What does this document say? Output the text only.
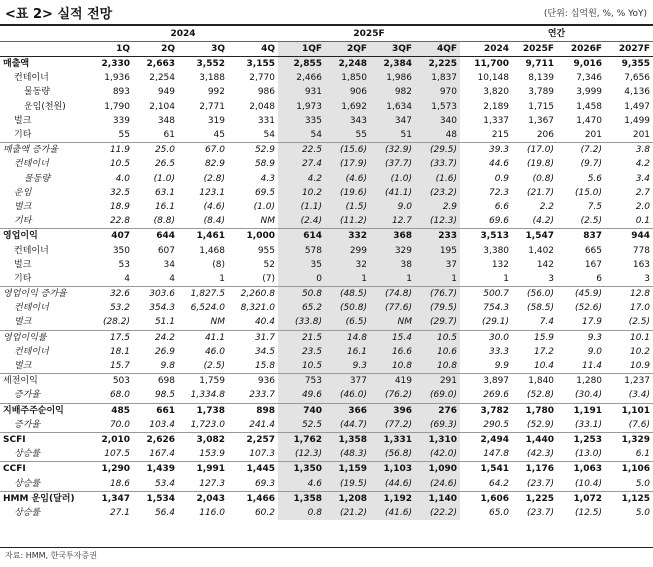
<표 2> 실적 전망	(단위: 십억원, %, % YoY)
	2024				2025F				연간			
	1Q	2Q	3Q	4Q	1QF	2QF	3QF	4QF	2024	2025F	2026F	2027F
매출액	2,330	2,663	3,552	3,155	2,855	2,248	2,384	2,225	11,700	9,711	9,016	9,355
컨테이너	1,936	2,254	3,188	2,770	2,466	1,850	1,986	1,837	10,148	8,139	7,346	7,656
물동량	893	949	992	986	931	906	982	970	3,820	3,789	3,999	4,136
운임(천원)	1,790	2,104	2,771	2,048	1,973	1,692	1,634	1,573	2,189	1,715	1,458	1,497
벌크	339	348	319	331	335	343	347	340	1,337	1,367	1,470	1,499
기타	55	61	45	54	54	55	51	48	215	206	201	201
매출액 증가율	11.9	25.0	67.0	52.9	22.5	(15.6)	(32.9)	(29.5)	39.3	(17.0)	(7.2)	3.8
컨테이너	10.5	26.5	82.9	58.9	27.4	(17.9)	(37.7)	(33.7)	44.6	(19.8)	(9.7)	4.2
물동량	4.0	(1.0)	(2.8)	4.3	4.2	(4.6)	(1.0)	(1.6)	0.9	(0.8)	5.6	3.4
운임	32.5	63.1	123.1	69.5	10.2	(19.6)	(41.1)	(23.2)	72.3	(21.7)	(15.0)	2.7
벌크	18.9	16.1	(4.6)	(1.0)	(1.1)	(1.5)	9.0	2.9	6.6	2.2	7.5	2.0
기타	22.8	(8.8)	(8.4)	NM	(2.4)	(11.2)	12.7	(12.3)	69.6	(4.2)	(2.5)	0.1
영업이익	407	644	1,461	1,000	614	332	368	233	3,513	1,547	837	944
컨테이너	350	607	1,468	955	578	299	329	195	3,380	1,402	665	778
벌크	53	34	(8)	52	35	32	38	37	132	142	167	163
기타	4	4	1	(7)	0	1	1	1	1	3	6	3
영업이익 증가율	32.6	303.6	1,827.5	2,260.8	50.8	(48.5)	(74.8)	(76.7)	500.7	(56.0)	(45.9)	12.8
컨테이너	53.2	354.3	6,524.0	8,321.0	65.2	(50.8)	(77.6)	(79.5)	754.3	(58.5)	(52.6)	17.0
벌크	(28.2)	51.1	NM	40.4	(33.8)	(6.5)	NM	(29.7)	(29.1)	7.4	17.9	(2.5)
영업이익률	17.5	24.2	41.1	31.7	21.5	14.8	15.4	10.5	30.0	15.9	9.3	10.1
컨테이너	18.1	26.9	46.0	34.5	23.5	16.1	16.6	10.6	33.3	17.2	9.0	10.2
벌크	15.7	9.8	(2.5)	15.8	10.5	9.3	10.8	10.8	9.9	10.4	11.4	10.9
세전이익	503	698	1,759	936	753	377	419	291	3,897	1,840	1,280	1,237
증가율	68.0	98.5	1,334.8	233.7	49.6	(46.0)	(76.2)	(69.0)	269.6	(52.8)	(30.4)	(3.4)
지배주주순이익	485	661	1,738	898	740	366	396	276	3,782	1,780	1,191	1,101
증가율	70.0	103.4	1,723.0	241.4	52.5	(44.7)	(77.2)	(69.3)	290.5	(52.9)	(33.1)	(7.6)
SCFI	2,010	2,626	3,082	2,257	1,762	1,358	1,331	1,310	2,494	1,440	1,253	1,329
상승률	107.5	167.4	153.9	107.3	(12.3)	(48.3)	(56.8)	(42.0)	147.8	(42.3)	(13.0)	6.1
CCFI	1,290	1,439	1,991	1,445	1,350	1,159	1,103	1,090	1,541	1,176	1,063	1,106
상승률	18.6	53.4	127.3	69.3	4.6	(19.5)	(44.6)	(24.6)	64.2	(23.7)	(10.4)	5.0
HMM 운임(달러)	1,347	1,534	2,043	1,466	1,358	1,208	1,192	1,140	1,606	1,225	1,072	1,125
상승률	27.1	56.4	116.0	60.2	0.8	(21.2)	(41.6)	(22.2)	65.0	(23.7)	(12.5)	5.0
자료: HMM, 한국투자증권
